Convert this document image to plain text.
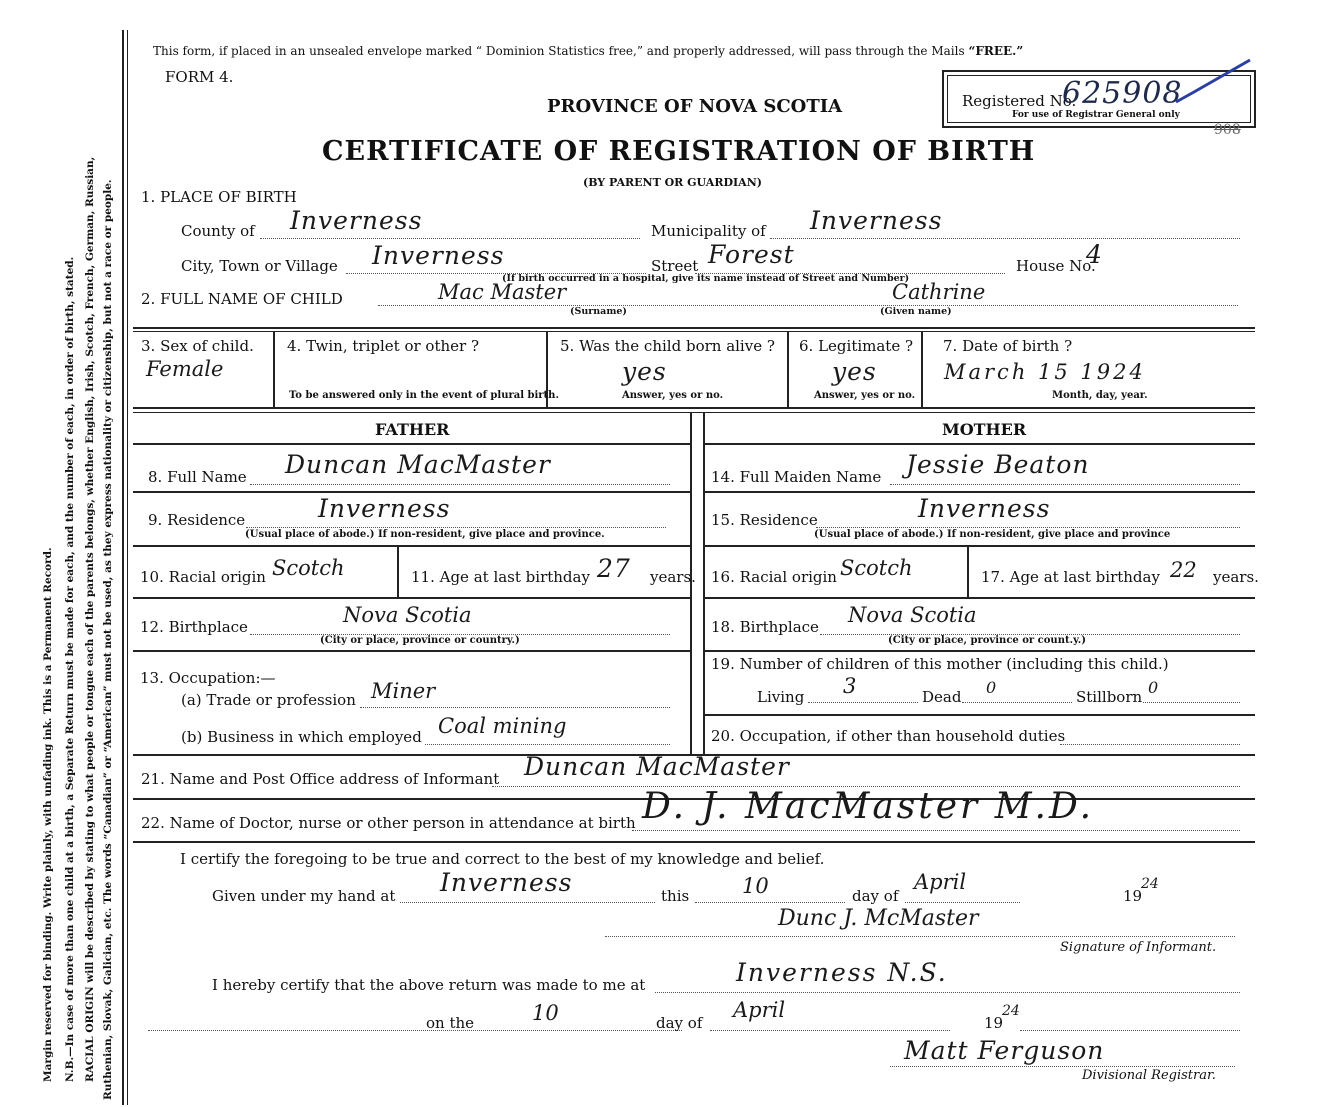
Margin reserved for binding. Write plainly, with unfading ink. This is a Permanent Record. N.B.—In case of more than one child at a birth, a Separate Return must be made for each, and the number of each, in order of birth, stated. RACIAL ORIGIN will be described by stating to what people or tongue each of the parents belongs, whether English, Irish, Scotch, French, German, Russian, Ruthenian, Slovak, Galician, etc. The words “Canadian” or “American” must not be used, as they express nationality or citizenship, but not a race or people.
This form, if placed in an unsealed envelope marked “ Dominion Statistics free,” and properly addressed, will pass through the Mails “FREE.”
FORM 4.
PROVINCE OF NOVA SCOTIA
CERTIFICATE OF REGISTRATION OF BIRTH
(BY PARENT OR GUARDIAN)
Registered No.
625908
For use of Registrar General only
908
1. PLACE OF BIRTH
County of Inverness	Municipality of Inverness
City, Town or Village Inverness	Street Forest	House No.
4
(If birth occurred in a hospital, give its name instead of Street and Number)
2. FULL NAME OF CHILD	Mac Master	Cathrine
(Surname)	(Given name)
3. Sex of child.
Female
4. Twin, triplet or other ?
To be answered only in the event of plural birth.
5. Was the child born alive ?
yes
Answer, yes or no.
6. Legitimate ?
yes
Answer, yes or no.
7. Date of birth ?
March 15 1924
Month, day, year.
FATHER	MOTHER
8. Full Name Duncan MacMaster
9. Residence	Inverness
(Usual place of abode.) If non-resident, give place and province.
10. Racial origin Scotch	11. Age at last birthday 27 years.
12. Birthplace	Nova Scotia
(City or place, province or country.)
13. Occupation:—
(a) Trade or profession Miner
(b) Business in which employed Coal mining
14. Full Maiden Name Jessie Beaton
15. Residence	Inverness
(Usual place of abode.) If non-resident, give place and province
16. Racial origin Scotch	17. Age at last birthday 22 years.
18. Birthplace Nova Scotia
(City or place, province or count.y.)
19. Number of children of this mother (including this child.)
Living 3	Dead 0	Stillborn 0
20. Occupation, if other than household duties
21. Name and Post Office address of Informant Duncan MacMaster
22. Name of Doctor, nurse or other person in attendance at birth D. J. MacMaster M.D.
I certify the foregoing to be true and correct to the best of my knowledge and belief.
Given under my hand at Inverness	this	10	day of
April
19
24
Dunc J. McMaster
Signature of Informant.
I hereby certify that the above return was made to me at	Inverness N.S.
on the	10	day of
April
19
24
Matt Ferguson
Divisional Registrar.
